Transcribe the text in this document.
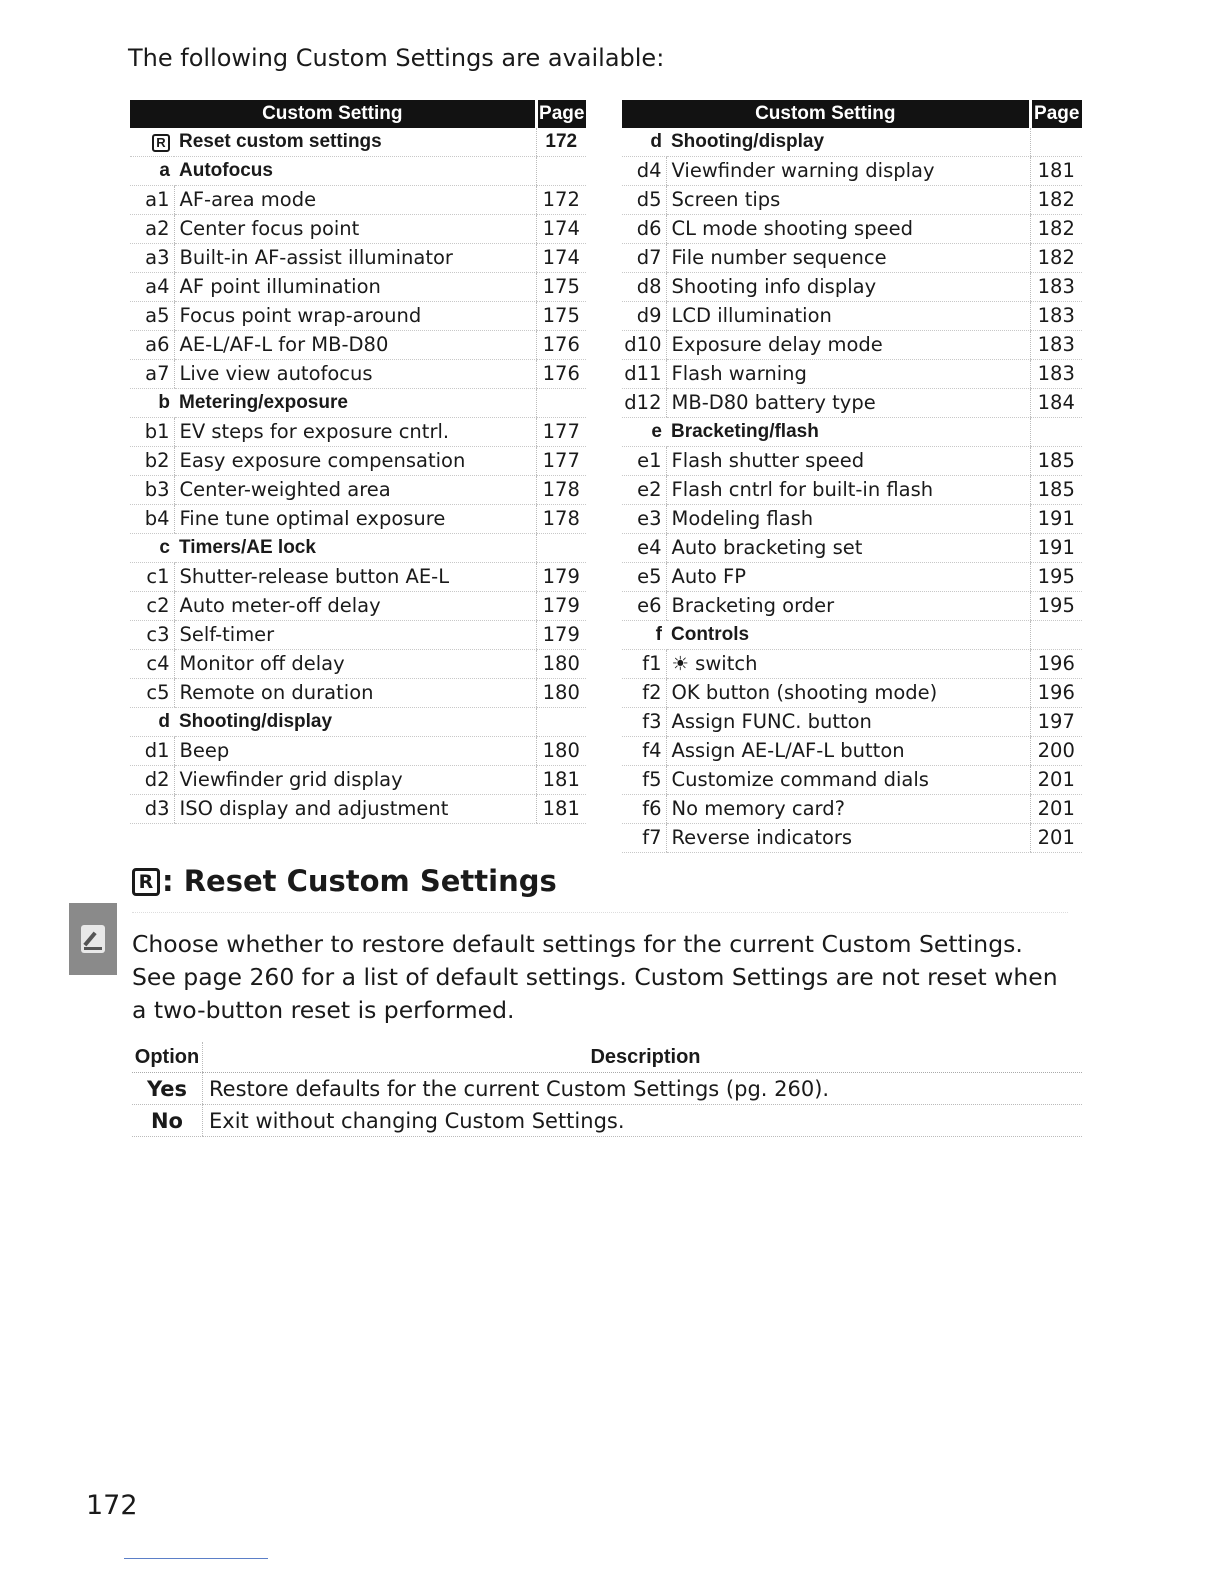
The following Custom Settings are available:
Custom Setting		Page
R	Reset custom settings	172
a	Autofocus	
a1	AF-area mode	172
a2	Center focus point	174
a3	Built-in AF-assist illuminator	174
a4	AF point illumination	175
a5	Focus point wrap-around	175
a6	AE-L/AF-L for MB-D80	176
a7	Live view autofocus	176
b	Metering/exposure	
b1	EV steps for exposure cntrl.	177
b2	Easy exposure compensation	177
b3	Center-weighted area	178
b4	Fine tune optimal exposure	178
c	Timers/AE lock	
c1	Shutter-release button AE-L	179
c2	Auto meter-off delay	179
c3	Self-timer	179
c4	Monitor off delay	180
c5	Remote on duration	180
d	Shooting/display	
d1	Beep	180
d2	Viewfinder grid display	181
d3	ISO display and adjustment	181
Custom Setting		Page
d	Shooting/display	
d4	Viewfinder warning display	181
d5	Screen tips	182
d6	CL mode shooting speed	182
d7	File number sequence	182
d8	Shooting info display	183
d9	LCD illumination	183
d10	Exposure delay mode	183
d11	Flash warning	183
d12	MB-D80 battery type	184
e	Bracketing/flash	
e1	Flash shutter speed	185
e2	Flash cntrl for built-in flash	185
e3	Modeling flash	191
e4	Auto bracketing set	191
e5	Auto FP	195
e6	Bracketing order	195
f	Controls	
f1	☀ switch	196
f2	OK button (shooting mode)	196
f3	Assign FUNC. button	197
f4	Assign AE-L/AF-L button	200
f5	Customize command dials	201
f6	No memory card?	201
f7	Reverse indicators	201
R : Reset Custom Settings
Choose whether to restore default settings for the current Custom Settings. See page 260 for a list of default settings. Custom Settings are not reset when a two-button reset is performed.
Option	Description
Yes	Restore defaults for the current Custom Settings (pg. 260).
No	Exit without changing Custom Settings.
172
